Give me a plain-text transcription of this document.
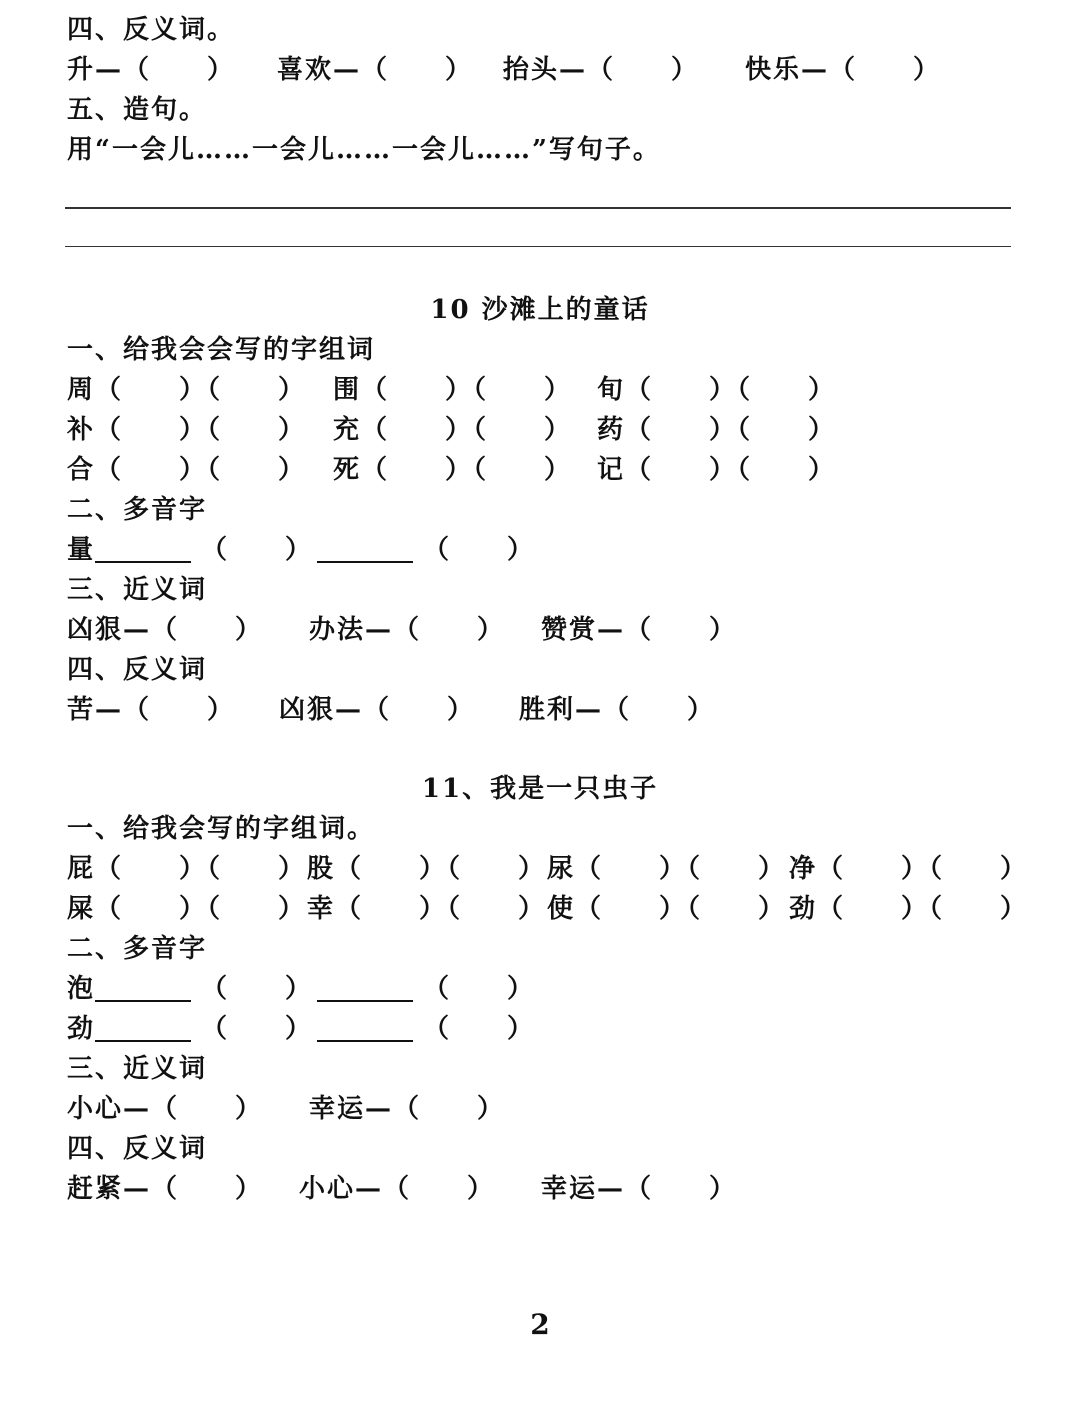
四、反义词。
升—（　　） 喜欢—（　　） 抬头—（　　） 快乐—（　　）
五、造句。
用“一会儿……一会儿……一会儿……”写句子。
10 沙滩上的童话
一、给我会会写的字组词
周（　　）（　　） 围（　　）（　　） 旬（　　）（　　）
补（　　）（　　） 充（　　）（　　） 药（　　）（　　）
合（　　）（　　） 死（　　）（　　） 记（　　）（　　）
二、多音字
量	（　　）	（　　）
三、近义词
凶狠—（　　） 办法—（　　） 赞赏—（　　）
四、反义词
苦—（　　） 凶狠—（　　） 胜利—（　　）
11、我是一只虫子
一、给我会写的字组词。
屁（　　）（　　） 股（　　）（　　） 尿（　　）（　　） 净（　　）（　　）
屎（　　）（　　） 幸（　　）（　　） 使（　　）（　　） 劲（　　）（　　）
二、多音字
泡	（　　）	（　　）
劲	（　　）	（　　）
三、近义词
小心—（　　） 幸运—（　　）
四、反义词
赶紧—（　　） 小心—（　　） 幸运—（　　）
2
